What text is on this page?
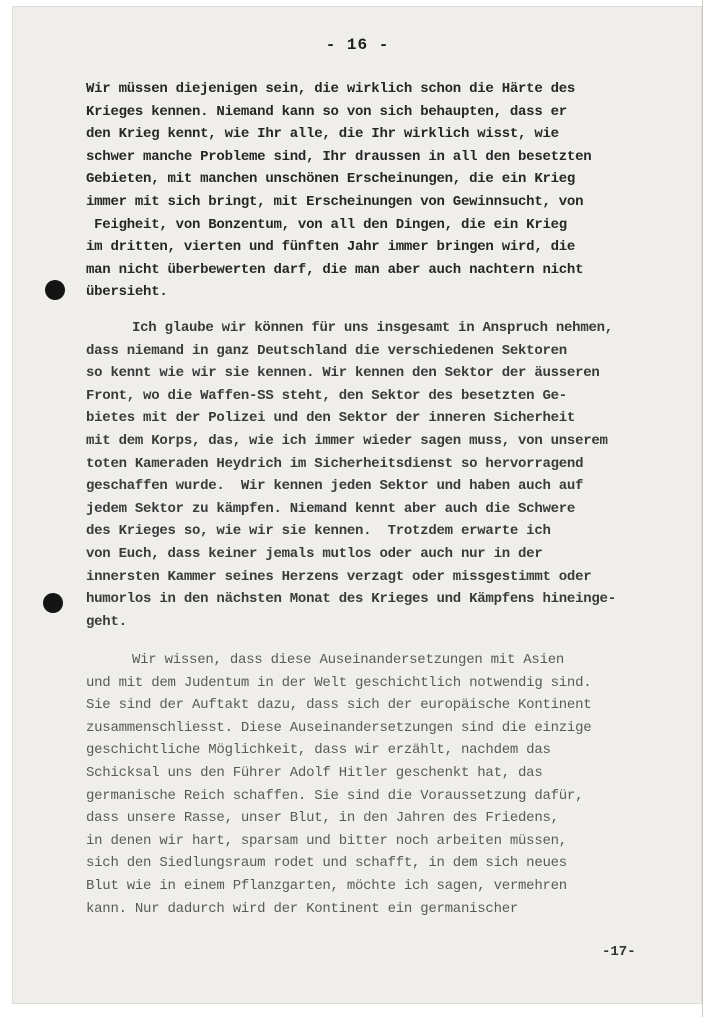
- 16 -
Wir müssen diejenigen sein, die wirklich schon die Härte des
Krieges kennen. Niemand kann so von sich behaupten, dass er
den Krieg kennt, wie Ihr alle, die Ihr wirklich wisst, wie
schwer manche Probleme sind, Ihr draussen in all den besetzten
Gebieten, mit manchen unschönen Erscheinungen, die ein Krieg
immer mit sich bringt, mit Erscheinungen von Gewinnsucht, von
Feigheit, von Bonzentum, von all den Dingen, die ein Krieg
im dritten, vierten und fünften Jahr immer bringen wird, die
man nicht überbewerten darf, die man aber auch nachtern nicht
übersieht.
Ich glaube wir können für uns insgesamt in Anspruch nehmen,
dass niemand in ganz Deutschland die verschiedenen Sektoren
so kennt wie wir sie kennen. Wir kennen den Sektor der äusseren
Front, wo die Waffen-SS steht, den Sektor des besetzten Ge-
bietes mit der Polizei und den Sektor der inneren Sicherheit
mit dem Korps, das, wie ich immer wieder sagen muss, von unserem
toten Kameraden Heydrich im Sicherheitsdienst so hervorragend
geschaffen wurde.  Wir kennen jeden Sektor und haben auch auf
jedem Sektor zu kämpfen. Niemand kennt aber auch die Schwere
des Krieges so, wie wir sie kennen.  Trotzdem erwarte ich
von Euch, dass keiner jemals mutlos oder auch nur in der
innersten Kammer seines Herzens verzagt oder missgestimmt oder
humorlos in den nächsten Monat des Krieges und Kämpfens hineinge-
geht.
Wir wissen, dass diese Auseinandersetzungen mit Asien
und mit dem Judentum in der Welt geschichtlich notwendig sind.
Sie sind der Auftakt dazu, dass sich der europäische Kontinent
zusammenschliesst. Diese Auseinandersetzungen sind die einzige
geschichtliche Möglichkeit, dass wir erzählt, nachdem das
Schicksal uns den Führer Adolf Hitler geschenkt hat, das
germanische Reich schaffen. Sie sind die Voraussetzung dafür,
dass unsere Rasse, unser Blut, in den Jahren des Friedens,
in denen wir hart, sparsam und bitter noch arbeiten müssen,
sich den Siedlungsraum rodet und schafft, in dem sich neues
Blut wie in einem Pflanzgarten, möchte ich sagen, vermehren
kann. Nur dadurch wird der Kontinent ein germanischer
-17-
